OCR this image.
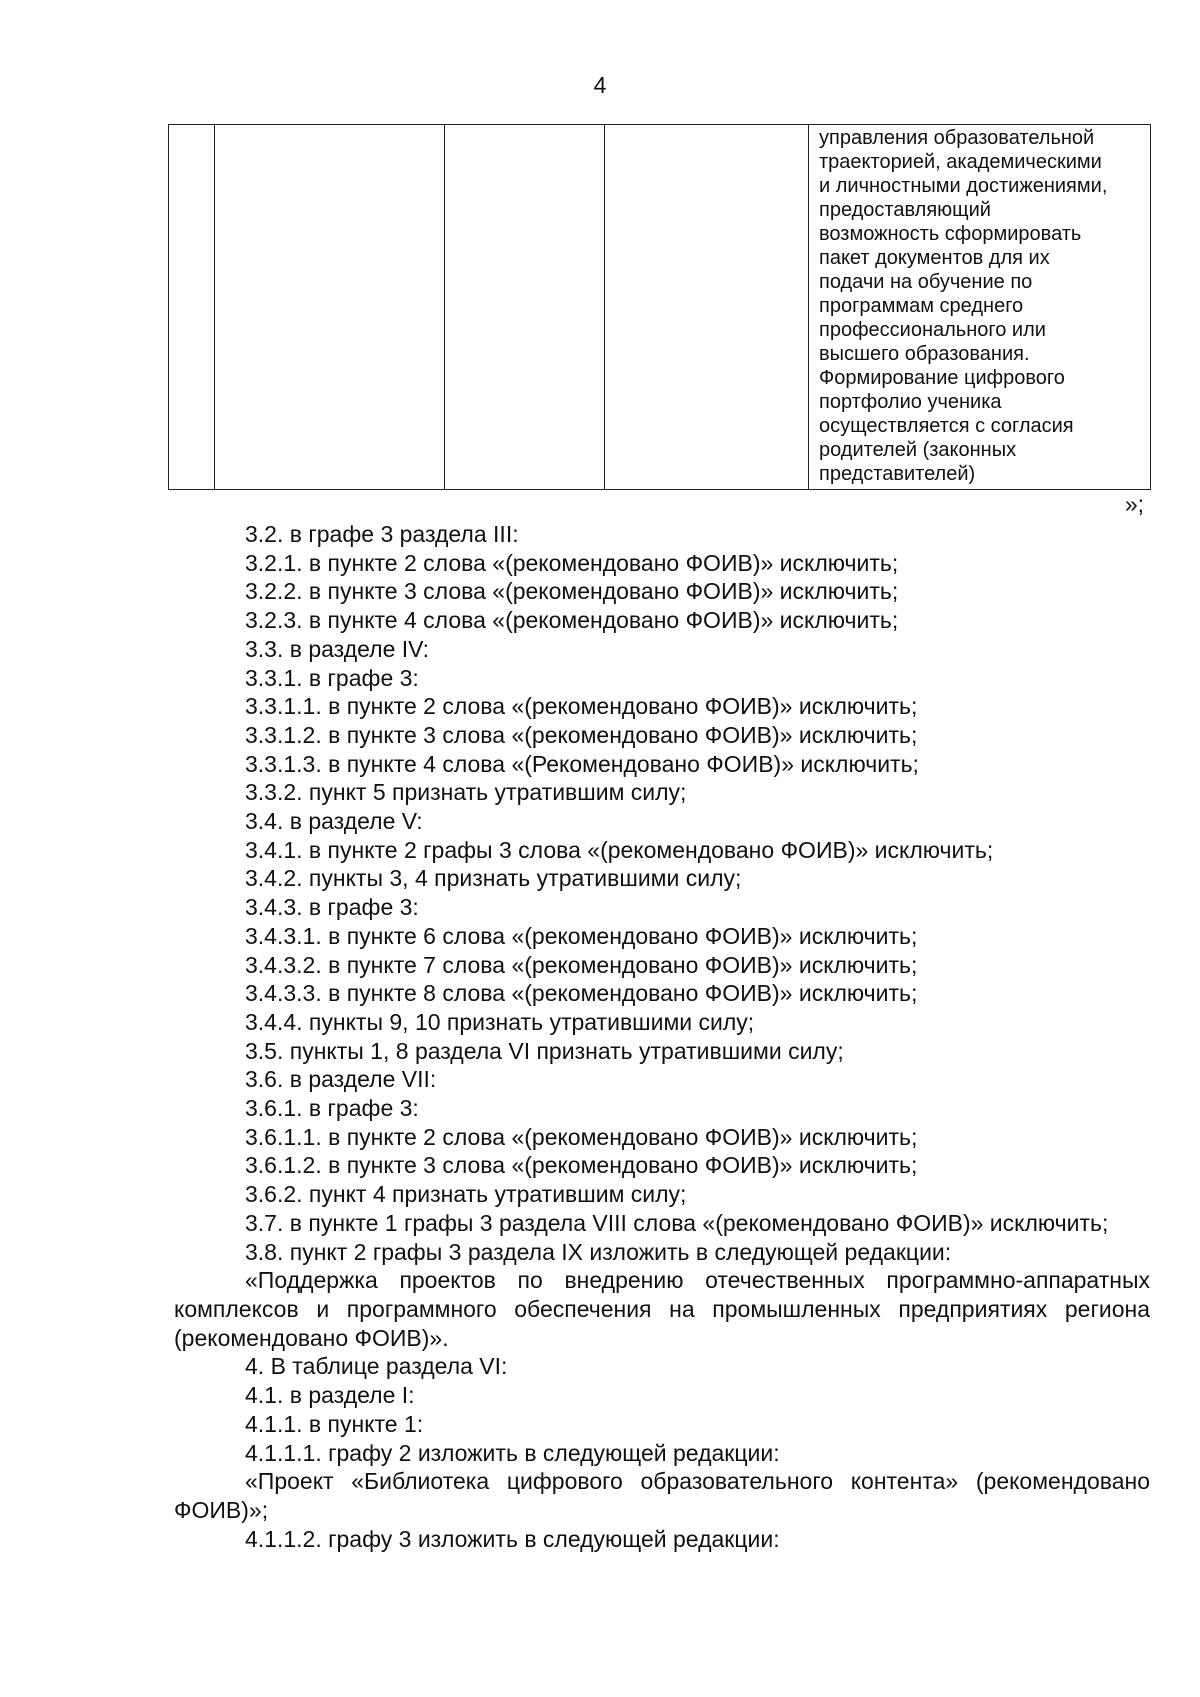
4

управления образовательной
траекторией, академическими
и личностными достижениями,
предоставляющий
возможность сформировать
пакет документов для их
подачи на обучение по
программам среднего
профессионального или
высшего образования.
Формирование цифрового
портфолио ученика
осуществляется с согласия
родителей (законных
представителей)
»;

3.2. в графе 3 раздела III:

3.2.1. в пункте 2 слова «(рекомендовано ФОИВ)» исключить;

3.2.2. в пункте 3 слова «(рекомендовано ФОИВ)» исключить;

3.2.3. в пункте 4 слова «(рекомендовано ФОИВ)» исключить;

3.3. в разделе IV:

3.3.1. в графе 3:

3.3.1.1. в пункте 2 слова «(рекомендовано ФОИВ)» исключить;

3.3.1.2. в пункте 3 слова «(рекомендовано ФОИВ)» исключить;

3.3.1.3. в пункте 4 слова «(Рекомендовано ФОИВ)» исключить;

3.3.2. пункт 5 признать утратившим силу;

3.4. в разделе V:

3.4.1. в пункте 2 графы 3 слова «(рекомендовано ФОИВ)» исключить;

3.4.2. пункты 3, 4 признать утратившими силу;

3.4.3. в графе 3:

3.4.3.1. в пункте 6 слова «(рекомендовано ФОИВ)» исключить;

3.4.3.2. в пункте 7 слова «(рекомендовано ФОИВ)» исключить;

3.4.3.3. в пункте 8 слова «(рекомендовано ФОИВ)» исключить;

3.4.4. пункты 9, 10 признать утратившими силу;

3.5. пункты 1, 8 раздела VI признать утратившими силу;

3.6. в разделе VII:

3.6.1. в графе 3:

3.6.1.1. в пункте 2 слова «(рекомендовано ФОИВ)» исключить;

3.6.1.2. в пункте 3 слова «(рекомендовано ФОИВ)» исключить;

3.6.2. пункт 4 признать утратившим силу;

3.7. в пункте 1 графы 3 раздела VIII слова «(рекомендовано ФОИВ)» исключить;

3.8. пункт 2 графы 3 раздела IX изложить в следующей редакции:

«Поддержка проектов по внедрению отечественных программно-аппаратных комплексов и программного обеспечения на промышленных предприятиях региона (рекомендовано ФОИВ)».

4. В таблице раздела VI:

4.1. в разделе I:

4.1.1. в пункте 1:

4.1.1.1. графу 2 изложить в следующей редакции:

«Проект «Библиотека цифрового образовательного контента» (рекомендовано ФОИВ)»;

4.1.1.2. графу 3 изложить в следующей редакции:
